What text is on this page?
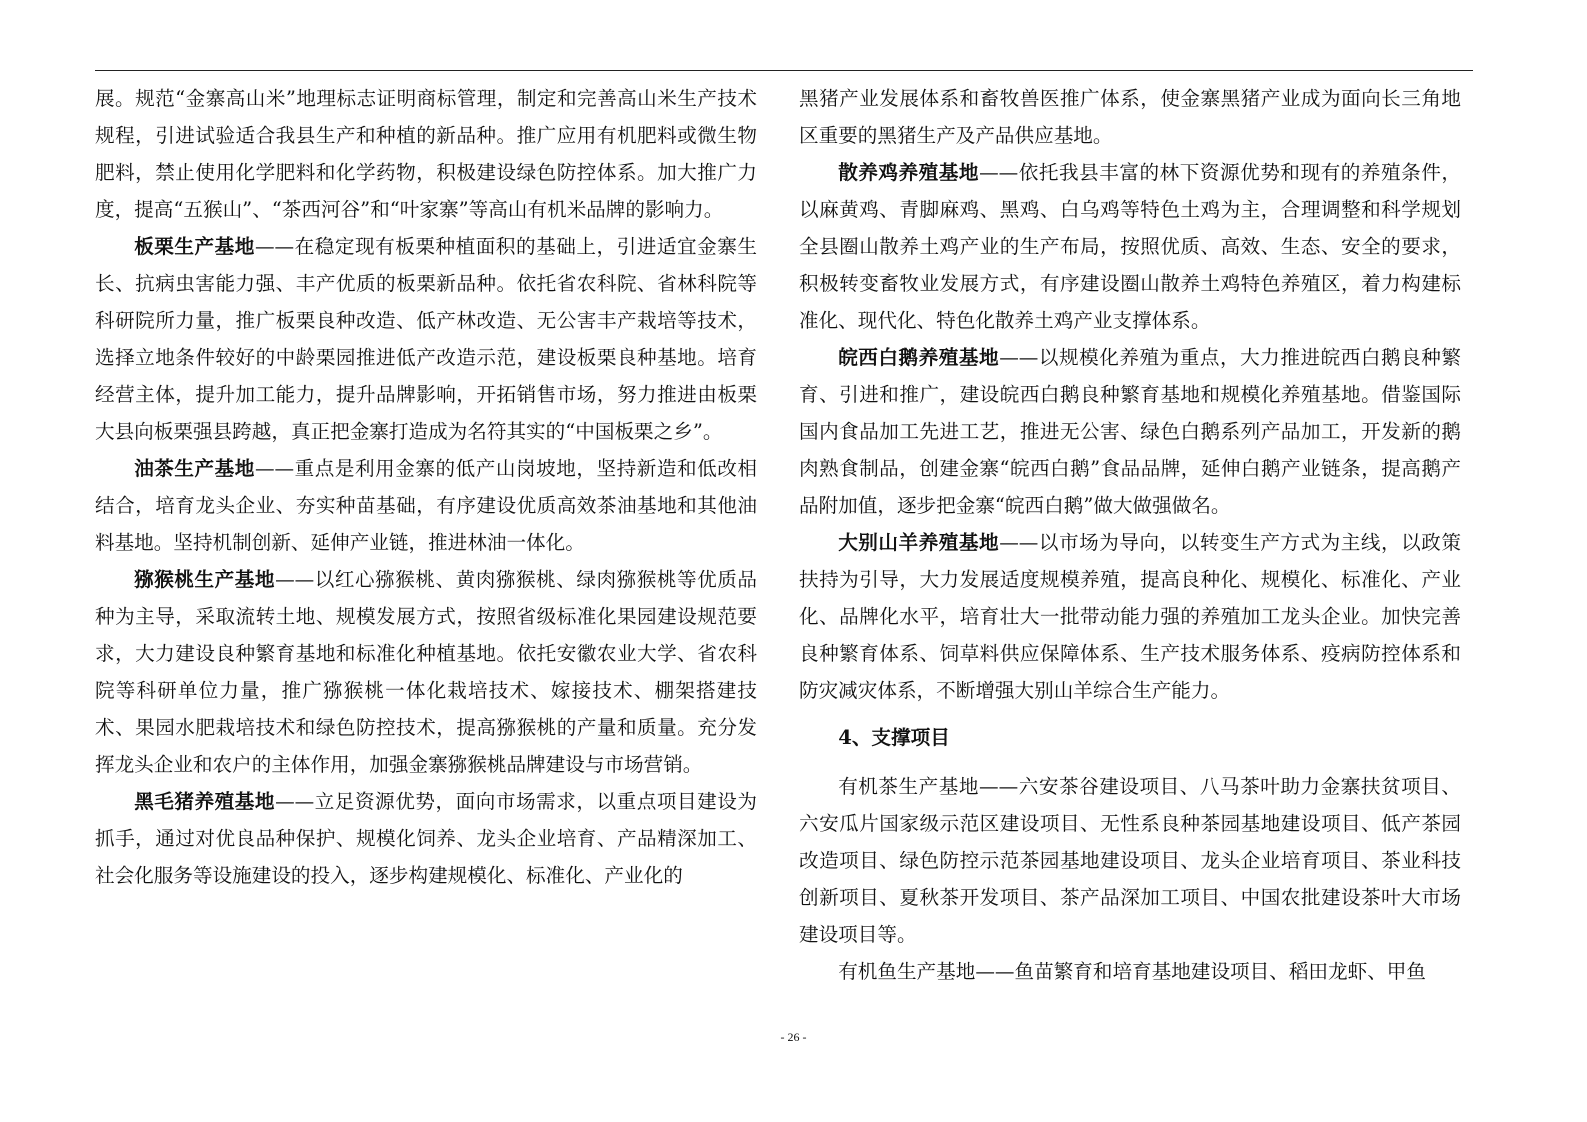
展。规范“金寨高山米”地理标志证明商标管理，制定和完善高山米生产技术规程，引进试验适合我县生产和种植的新品种。推广应用有机肥料或微生物肥料，禁止使用化学肥料和化学药物，积极建设绿色防控体系。加大推广力度，提高“五猴山”、“茶西河谷”和“叶家寨”等高山有机米品牌的影响力。

板栗生产基地——在稳定现有板栗种植面积的基础上，引进适宜金寨生长、抗病虫害能力强、丰产优质的板栗新品种。依托省农科院、省林科院等科研院所力量，推广板栗良种改造、低产林改造、无公害丰产栽培等技术，选择立地条件较好的中龄栗园推进低产改造示范，建设板栗良种基地。培育经营主体，提升加工能力，提升品牌影响，开拓销售市场，努力推进由板栗大县向板栗强县跨越，真正把金寨打造成为名符其实的“中国板栗之乡”。

油茶生产基地——重点是利用金寨的低产山岗坡地，坚持新造和低改相结合，培育龙头企业、夯实种苗基础，有序建设优质高效茶油基地和其他油料基地。坚持机制创新、延伸产业链，推进林油一体化。

猕猴桃生产基地——以红心猕猴桃、黄肉猕猴桃、绿肉猕猴桃等优质品种为主导，采取流转土地、规模发展方式，按照省级标准化果园建设规范要求，大力建设良种繁育基地和标准化种植基地。依托安徽农业大学、省农科院等科研单位力量，推广猕猴桃一体化栽培技术、嫁接技术、棚架搭建技术、果园水肥栽培技术和绿色防控技术，提高猕猴桃的产量和质量。充分发挥龙头企业和农户的主体作用，加强金寨猕猴桃品牌建设与市场营销。

黑毛猪养殖基地——立足资源优势，面向市场需求，以重点项目建设为抓手，通过对优良品种保护、规模化饲养、龙头企业培育、产品精深加工、社会化服务等设施建设的投入，逐步构建规模化、标准化、产业化的

黑猪产业发展体系和畜牧兽医推广体系，使金寨黑猪产业成为面向长三角地区重要的黑猪生产及产品供应基地。

散养鸡养殖基地——依托我县丰富的林下资源优势和现有的养殖条件，以麻黄鸡、青脚麻鸡、黑鸡、白乌鸡等特色土鸡为主，合理调整和科学规划全县圈山散养土鸡产业的生产布局，按照优质、高效、生态、安全的要求，积极转变畜牧业发展方式，有序建设圈山散养土鸡特色养殖区，着力构建标准化、现代化、特色化散养土鸡产业支撑体系。

皖西白鹅养殖基地——以规模化养殖为重点，大力推进皖西白鹅良种繁育、引进和推广，建设皖西白鹅良种繁育基地和规模化养殖基地。借鉴国际国内食品加工先进工艺，推进无公害、绿色白鹅系列产品加工，开发新的鹅肉熟食制品，创建金寨“皖西白鹅”食品品牌，延伸白鹅产业链条，提高鹅产品附加值，逐步把金寨“皖西白鹅”做大做强做名。

大别山羊养殖基地——以市场为导向，以转变生产方式为主线，以政策扶持为引导，大力发展适度规模养殖，提高良种化、规模化、标准化、产业化、品牌化水平，培育壮大一批带动能力强的养殖加工龙头企业。加快完善良种繁育体系、饲草料供应保障体系、生产技术服务体系、疫病防控体系和防灾减灾体系，不断增强大别山羊综合生产能力。

4、支撑项目

有机茶生产基地——六安茶谷建设项目、八马茶叶助力金寨扶贫项目、六安瓜片国家级示范区建设项目、无性系良种茶园基地建设项目、低产茶园改造项目、绿色防控示范茶园基地建设项目、龙头企业培育项目、茶业科技创新项目、夏秋茶开发项目、茶产品深加工项目、中国农批建设茶叶大市场建设项目等。

有机鱼生产基地——鱼苗繁育和培育基地建设项目、稻田龙虾、甲鱼

- 26 -
